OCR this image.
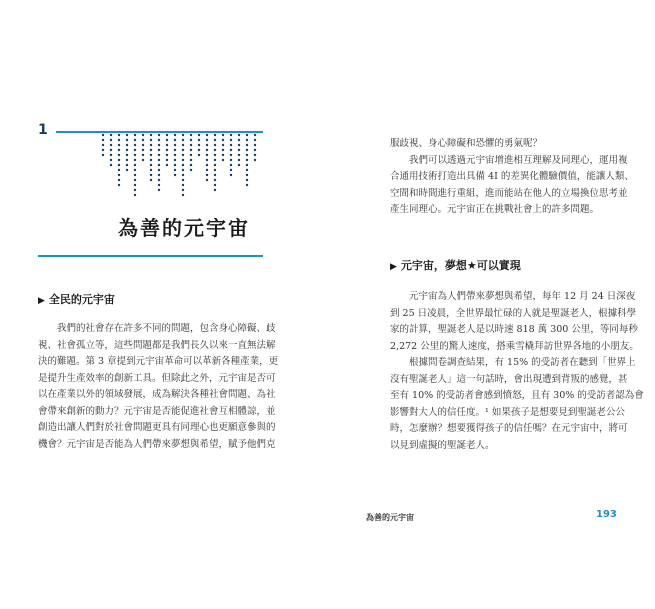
1
為善的元宇宙
▶ 全民的元宇宙
我們的社會存在許多不同的問題，包含身心障礙、歧
視、社會孤立等，這些問題都是我們長久以來一直無法解
決的難題。第 3 章提到元宇宙革命可以革新各種產業，更
是提升生產效率的創新工具。但除此之外，元宇宙是否可
以在產業以外的領域發展，成為解決各種社會問題、為社
會帶來創新的動力？元宇宙是否能促進社會互相體諒，並
創造出讓人們對於社會問題更具有同理心也更願意參與的
機會？元宇宙是否能為人們帶來夢想與希望，賦予他們克
服歧視、身心障礙和恐懼的勇氣呢？
我們可以透過元宇宙增進相互理解及同理心，運用複
合通用技術打造出具備 4I 的差異化體驗價值，能讓人類、
空間和時間進行重組，進而能站在他人的立場換位思考並
產生同理心。元宇宙正在挑戰社會上的許多問題。
▶ 元宇宙，夢想★可以實現
元宇宙為人們帶來夢想與希望，每年 12 月 24 日深夜
到 25 日凌晨，全世界最忙碌的人就是聖誕老人，根據科學
家的計算，聖誕老人是以時速 818 萬 300 公里，等同每秒
2,272 公里的驚人速度，搭乘雪橇拜訪世界各地的小朋友。
根據問卷調查結果，有 15% 的受訪者在聽到「世界上
沒有聖誕老人」這一句話時，會出現遭到背叛的感覺，甚
至有 10% 的受訪者會感到憤怒，且有 30% 的受訪者認為會
影響對大人的信任度。¹ 如果孩子是想要見到聖誕老公公
時，怎麼辦？想要獲得孩子的信任嗎？在元宇宙中，將可
以見到虛擬的聖誕老人。
為善的元宇宙	193
